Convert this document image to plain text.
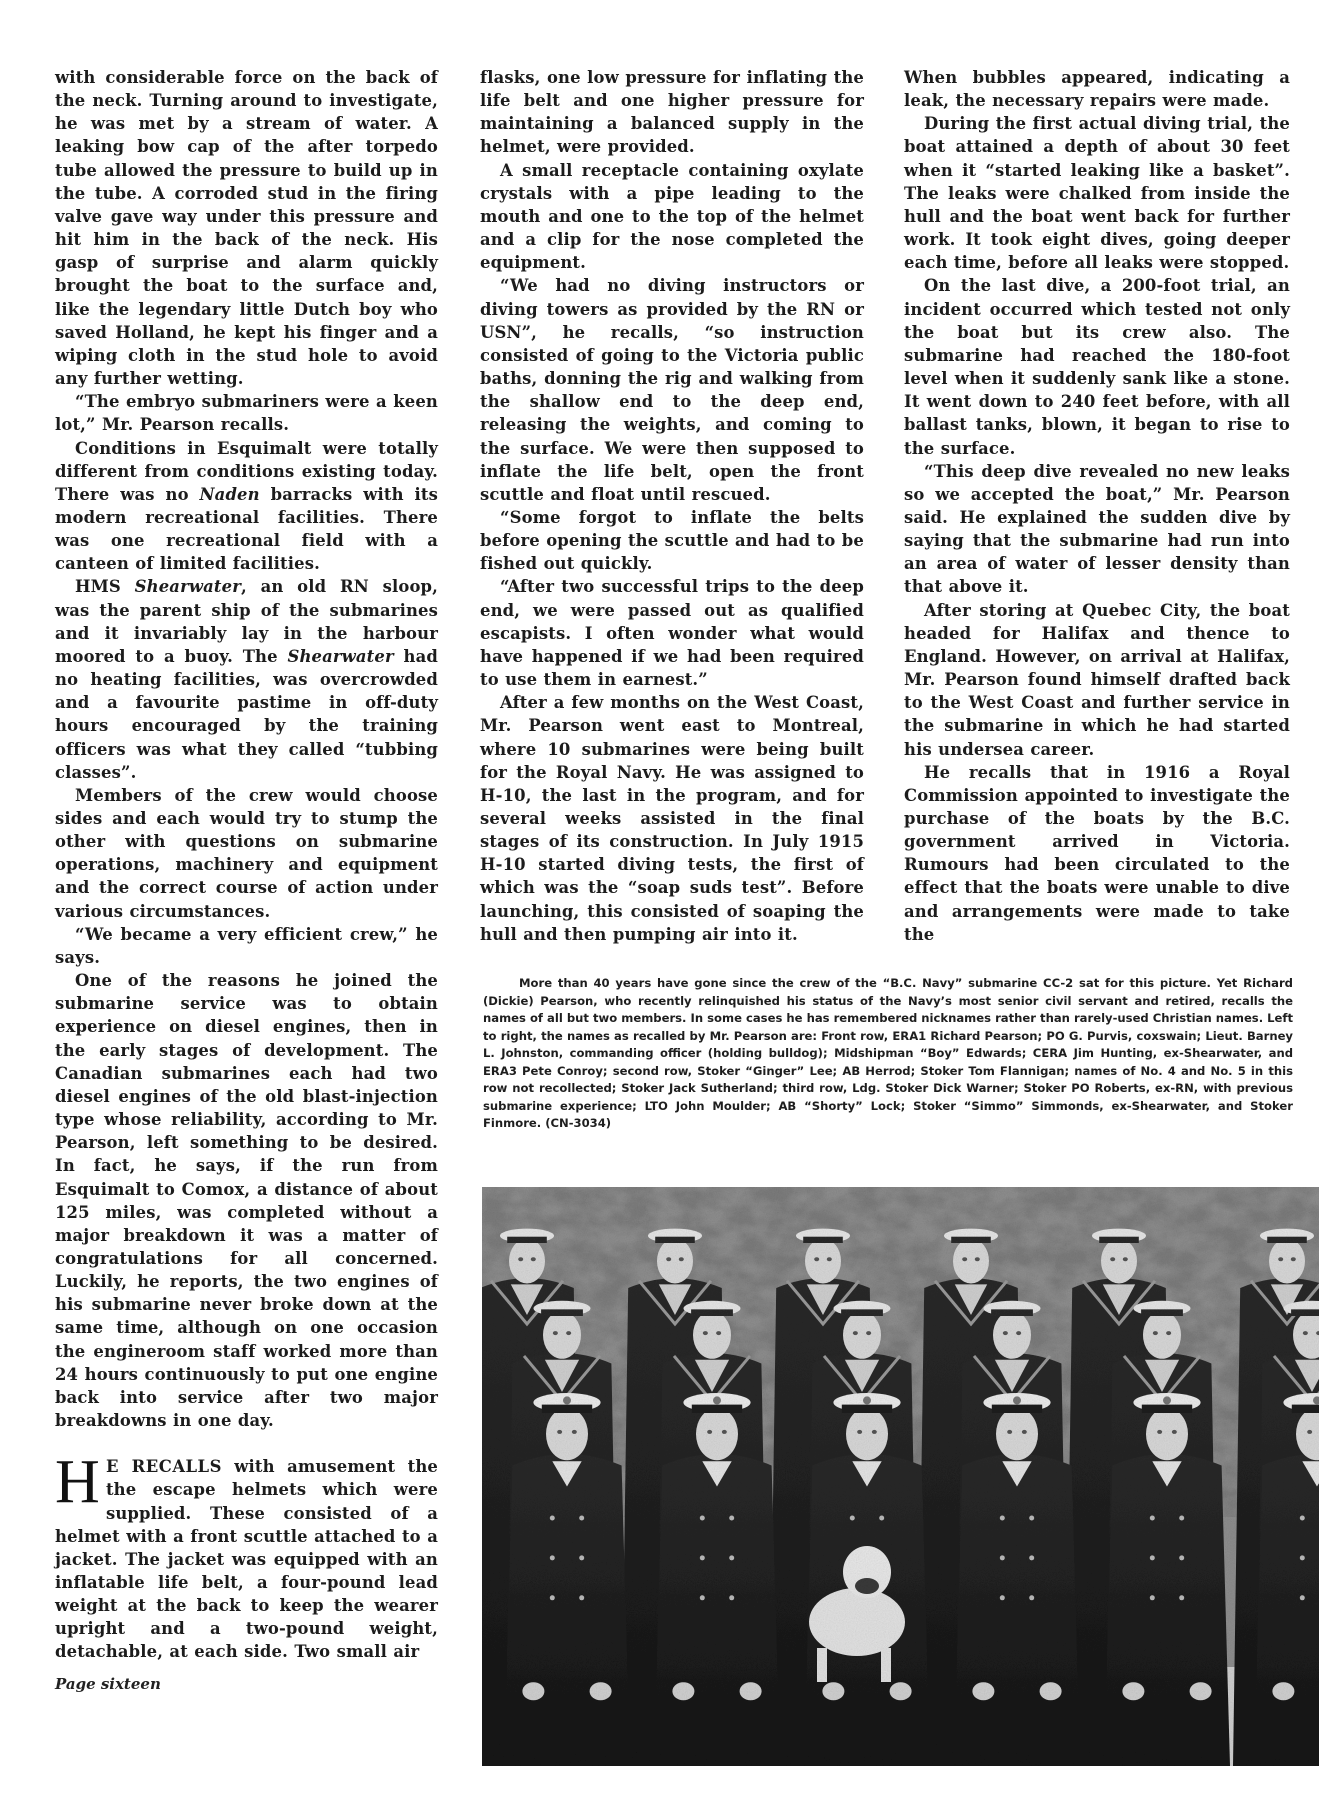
with considerable force on the back of the neck. Turning around to investigate, he was met by a stream of water. A leaking bow cap of the after torpedo tube allowed the pressure to build up in the tube. A corroded stud in the firing valve gave way under this pressure and hit him in the back of the neck. His gasp of surprise and alarm quickly brought the boat to the surface and, like the legendary little Dutch boy who saved Holland, he kept his finger and a wiping cloth in the stud hole to avoid any further wetting.

“The embryo submariners were a keen lot,” Mr. Pearson recalls.

Conditions in Esquimalt were totally different from conditions existing today. There was no Naden barracks with its modern recreational facilities. There was one recreational field with a canteen of limited facilities.

HMS Shearwater, an old RN sloop, was the parent ship of the submarines and it invariably lay in the harbour moored to a buoy. The Shearwater had no heating facilities, was overcrowded and a favourite pastime in off-duty hours encouraged by the training officers was what they called “tubbing classes”.

Members of the crew would choose sides and each would try to stump the other with questions on submarine operations, machinery and equipment and the correct course of action under various circumstances.

“We became a very efficient crew,” he says.

One of the reasons he joined the submarine service was to obtain experience on diesel engines, then in the early stages of development. The Canadian submarines each had two diesel engines of the old blast-injection type whose reliability, according to Mr. Pearson, left something to be desired. In fact, he says, if the run from Esquimalt to Comox, a distance of about 125 miles, was completed without a major breakdown it was a matter of congratulations for all concerned. Luckily, he reports, the two engines of his submarine never broke down at the same time, although on one occasion the engineroom staff worked more than 24 hours continuously to put one engine back into service after two major breakdowns in one day.

H E RECALLS with amusement the the escape helmets which were supplied. These consisted of a helmet with a front scuttle attached to a jacket. The jacket was equipped with an inflatable life belt, a four-pound lead weight at the back to keep the wearer upright and a two-pound weight, detachable, at each side. Two small air

flasks, one low pressure for inflating the life belt and one higher pressure for maintaining a balanced supply in the helmet, were provided.

A small receptacle containing oxylate crystals with a pipe leading to the mouth and one to the top of the helmet and a clip for the nose completed the equipment.

“We had no diving instructors or diving towers as provided by the RN or USN”, he recalls, “so instruction consisted of going to the Victoria public baths, donning the rig and walking from the shallow end to the deep end, releasing the weights, and coming to the surface. We were then supposed to inflate the life belt, open the front scuttle and float until rescued.

“Some forgot to inflate the belts before opening the scuttle and had to be fished out quickly.

“After two successful trips to the deep end, we were passed out as qualified escapists. I often wonder what would have happened if we had been required to use them in earnest.”

After a few months on the West Coast, Mr. Pearson went east to Montreal, where 10 submarines were being built for the Royal Navy. He was assigned to H-10, the last in the program, and for several weeks assisted in the final stages of its construction. In July 1915 H-10 started diving tests, the first of which was the “soap suds test”. Before launching, this consisted of soaping the hull and then pumping air into it.

When bubbles appeared, indicating a leak, the necessary repairs were made.

During the first actual diving trial, the boat attained a depth of about 30 feet when it “started leaking like a basket”. The leaks were chalked from inside the hull and the boat went back for further work. It took eight dives, going deeper each time, before all leaks were stopped.

On the last dive, a 200-foot trial, an incident occurred which tested not only the boat but its crew also. The submarine had reached the 180-foot level when it suddenly sank like a stone. It went down to 240 feet before, with all ballast tanks, blown, it began to rise to the surface.

“This deep dive revealed no new leaks so we accepted the boat,” Mr. Pearson said. He explained the sudden dive by saying that the submarine had run into an area of water of lesser density than that above it.

After storing at Quebec City, the boat headed for Halifax and thence to England. However, on arrival at Halifax, Mr. Pearson found himself drafted back to the West Coast and further service in the submarine in which he had started his undersea career.

He recalls that in 1916 a Royal Commission appointed to investigate the purchase of the boats by the B.C. government arrived in Victoria. Rumours had been circulated to the effect that the boats were unable to dive and arrangements were made to take the

More than 40 years have gone since the crew of the “B.C. Navy” submarine CC-2 sat for this picture. Yet Richard (Dickie) Pearson, who recently relinquished his status of the Navy’s most senior civil servant and retired, recalls the names of all but two members. In some cases he has remembered nicknames rather than rarely-used Christian names. Left to right, the names as recalled by Mr. Pearson are: Front row, ERA1 Richard Pearson; PO G. Purvis, coxswain; Lieut. Barney L. Johnston, commanding officer (holding bulldog); Midshipman “Boy” Edwards; CERA Jim Hunting, ex-Shearwater, and ERA3 Pete Conroy; second row, Stoker “Ginger” Lee; AB Herrod; Stoker Tom Flannigan; names of No. 4 and No. 5 in this row not recollected; Stoker Jack Sutherland; third row, Ldg. Stoker Dick Warner; Stoker PO Roberts, ex-RN, with previous submarine experience; LTO John Moulder; AB “Shorty” Lock; Stoker “Simmo” Simmonds, ex-Shearwater, and Stoker Finmore. (CN-3034)
Page sixteen
